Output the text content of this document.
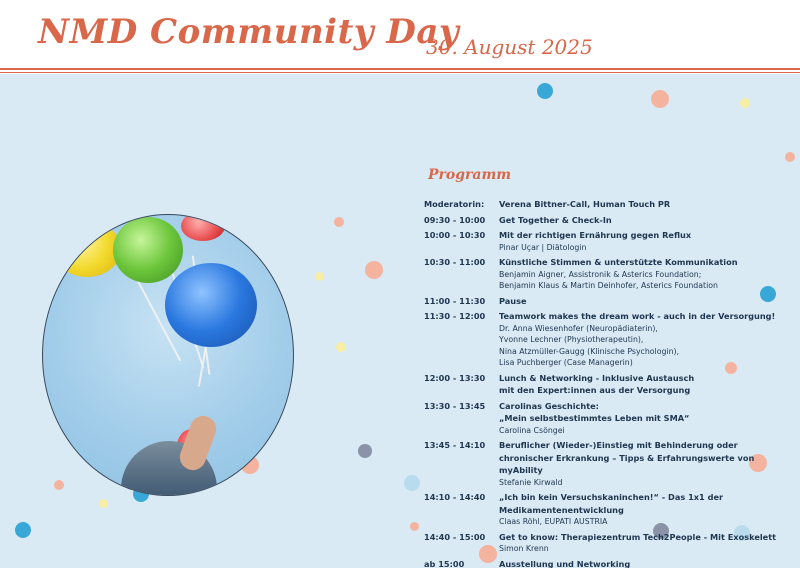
NMD Community Day
30. August 2025
Programm
Moderatorin:	Verena Bittner-Call, Human Touch PR
09:30 - 10:00	Get Together & Check-In
10:00 - 10:30	Mit der richtigen Ernährung gegen Reflux
Pinar Uçar | Diätologin
10:30 - 11:00	Künstliche Stimmen & unterstützte Kommunikation
Benjamin Aigner, Assistronik & Asterics Foundation;
Benjamin Klaus & Martin Deinhofer, Asterics Foundation
11:00 - 11:30	Pause
11:30 - 12:00	Teamwork makes the dream work - auch in der Versorgung!
Dr. Anna Wiesenhofer (Neuropädiaterin),
Yvonne Lechner (Physiotherapeutin),
Nina Atzmüller-Gaugg (Klinische Psychologin),
Lisa Puchberger (Case Managerin)
12:00 - 13:30	Lunch & Networking - Inklusive Austausch
mit den Expert:innen aus der Versorgung
13:30 - 13:45	Carolinas Geschichte:
„Mein selbstbestimmtes Leben mit SMA“
Carolina Csöngei
13:45 - 14:10	Beruflicher (Wieder-)Einstieg mit Behinderung oder
chronischer Erkrankung – Tipps & Erfahrungswerte von
myAbility
Stefanie Kirwald
14:10 - 14:40	„Ich bin kein Versuchskaninchen!“ - Das 1x1 der
Medikamentenentwicklung
Claas Röhl, EUPATI AUSTRIA
14:40 - 15:00	Get to know: Therapiezentrum Tech2People - Mit Exoskelett
Simon Krenn
ab 15:00	Ausstellung und Networking
